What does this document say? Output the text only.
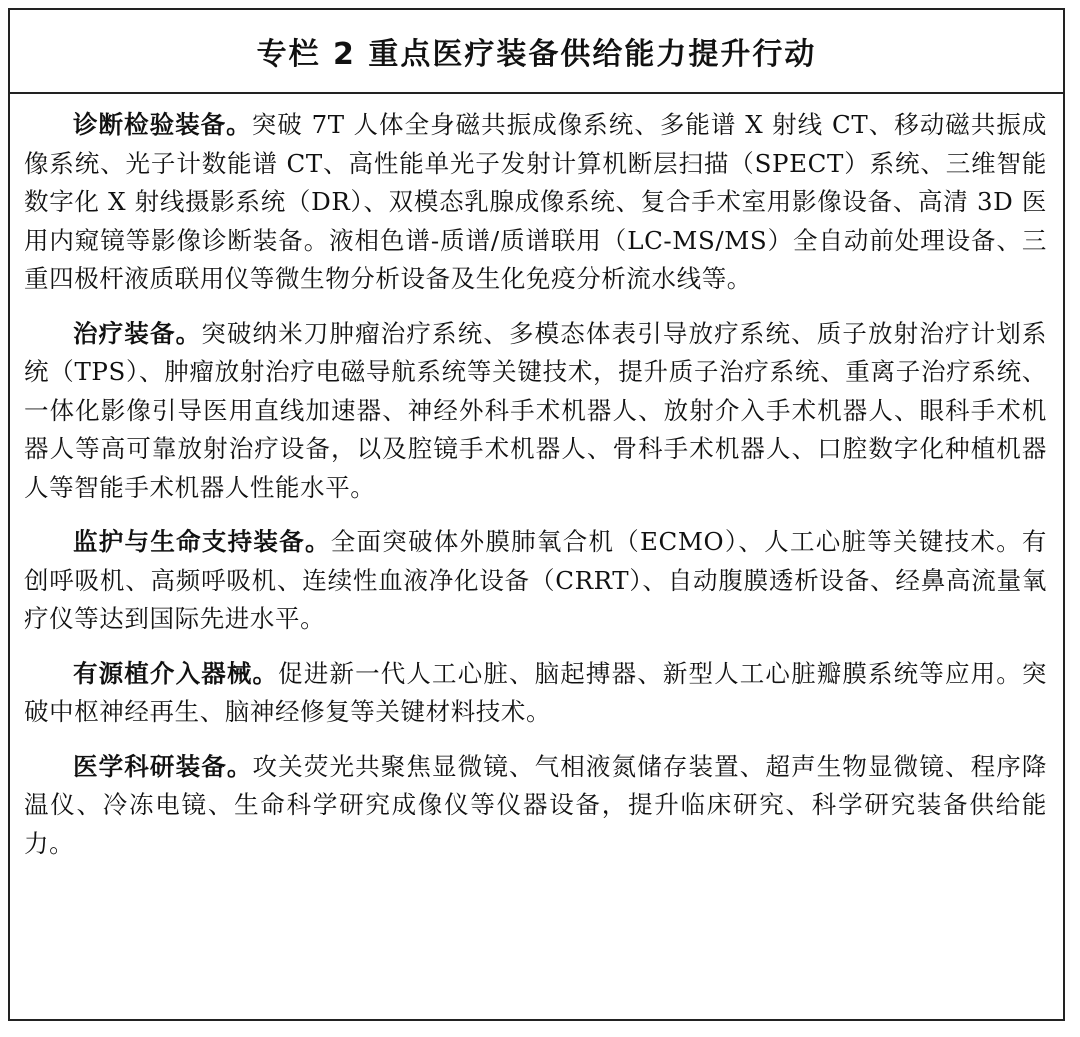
专栏 2 重点医疗装备供给能力提升行动

诊断检验装备。突破 7T 人体全身磁共振成像系统、多能谱 X 射线 CT、移动磁共振成像系统、光子计数能谱 CT、高性能单光子发射计算机断层扫描（SPECT）系统、三维智能数字化 X 射线摄影系统（DR）、双模态乳腺成像系统、复合手术室用影像设备、高清 3D 医用内窥镜等影像诊断装备。液相色谱-质谱/质谱联用（LC-MS/MS）全自动前处理设备、三重四极杆液质联用仪等微生物分析设备及生化免疫分析流水线等。

治疗装备。突破纳米刀肿瘤治疗系统、多模态体表引导放疗系统、质子放射治疗计划系统（TPS）、肿瘤放射治疗电磁导航系统等关键技术，提升质子治疗系统、重离子治疗系统、一体化影像引导医用直线加速器、神经外科手术机器人、放射介入手术机器人、眼科手术机器人等高可靠放射治疗设备，以及腔镜手术机器人、骨科手术机器人、口腔数字化种植机器人等智能手术机器人性能水平。

监护与生命支持装备。全面突破体外膜肺氧合机（ECMO）、人工心脏等关键技术。有创呼吸机、高频呼吸机、连续性血液净化设备（CRRT）、自动腹膜透析设备、经鼻高流量氧疗仪等达到国际先进水平。

有源植介入器械。促进新一代人工心脏、脑起搏器、新型人工心脏瓣膜系统等应用。突破中枢神经再生、脑神经修复等关键材料技术。

医学科研装备。攻关荧光共聚焦显微镜、气相液氮储存装置、超声生物显微镜、程序降温仪、冷冻电镜、生命科学研究成像仪等仪器设备，提升临床研究、科学研究装备供给能力。
